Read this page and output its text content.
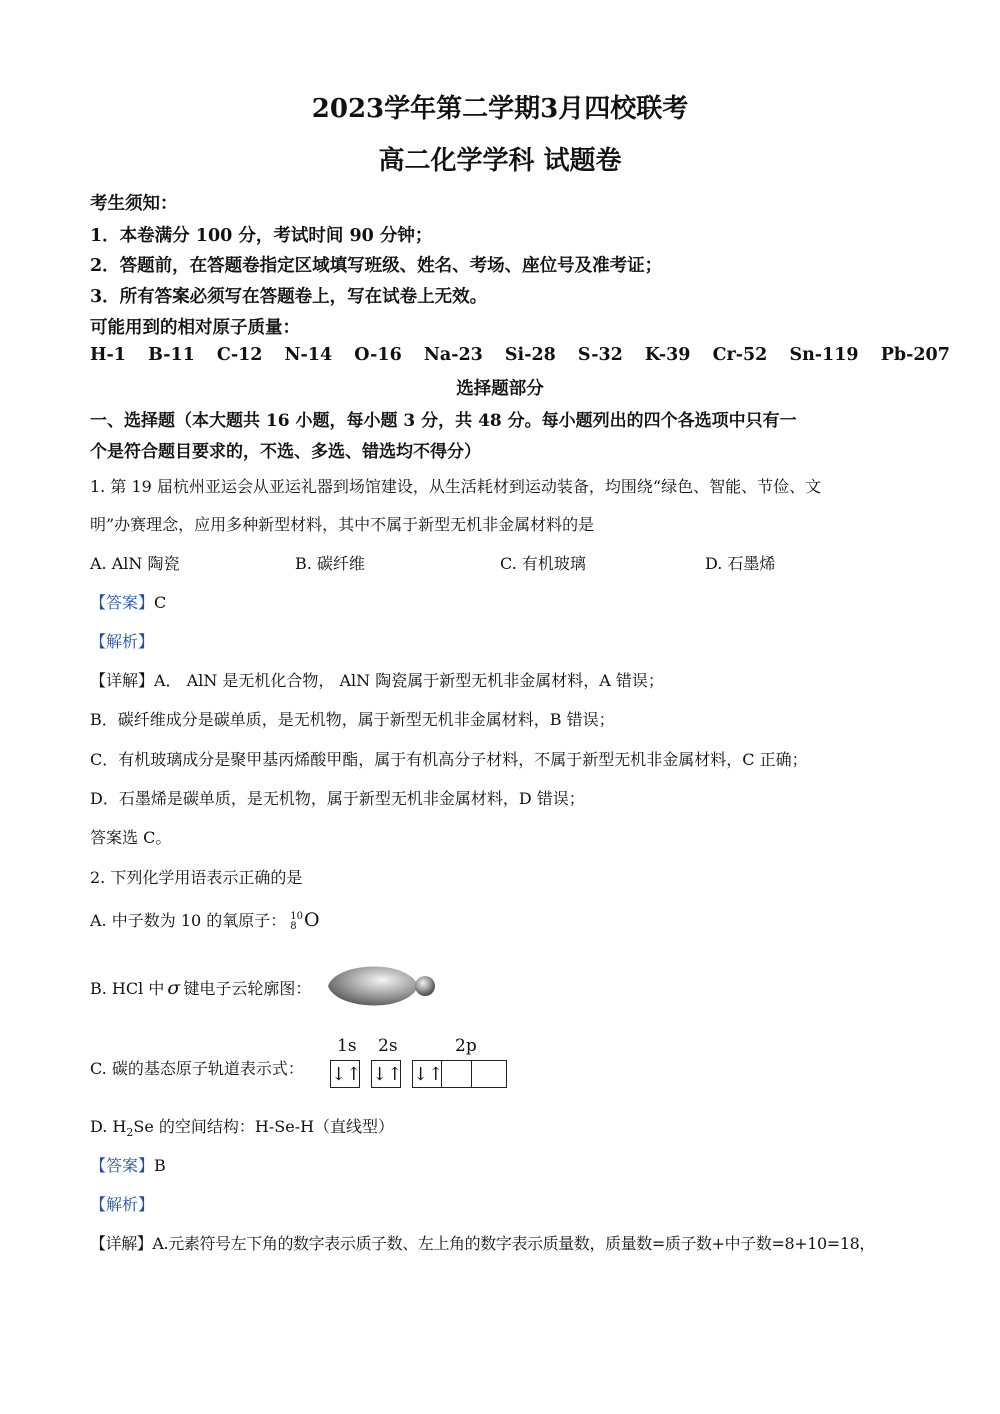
2023学年第二学期3月四校联考
高二化学学科 试题卷
考生须知：
1．本卷满分 100 分，考试时间 90 分钟；
2．答题前，在答题卷指定区域填写班级、姓名、考场、座位号及准考证；
3．所有答案必须写在答题卷上，写在试卷上无效。
可能用到的相对原子质量：
H-1 B-11 C-12 N-14 O-16 Na-23 Si-28 S-32 K-39 Cr-52 Sn-119 Pb-207
选择题部分
一、选择题（本大题共 16 小题，每小题 3 分，共 48 分。每小题列出的四个各选项中只有一
个是符合题目要求的，不选、多选、错选均不得分）
1. 第 19 届杭州亚运会从亚运礼器到场馆建设，从生活耗材到运动装备，均围绕“绿色、智能、节俭、文
明”办赛理念，应用多种新型材料，其中不属于新型无机非金属材料的是
A. AlN 陶瓷	B. 碳纤维	C. 有机玻璃	D. 石墨烯
【答案】C
【解析】
【详解】A． AlN 是无机化合物， AlN 陶瓷属于新型无机非金属材料，A 错误；
B．碳纤维成分是碳单质，是无机物，属于新型无机非金属材料，B 错误；
C．有机玻璃成分是聚甲基丙烯酸甲酯，属于有机高分子材料，不属于新型无机非金属材料，C 正确；
D．石墨烯是碳单质，是无机物，属于新型无机非金属材料，D 错误；
答案选 C。
2. 下列化学用语表示正确的是
A. 中子数为 10 的氧原子： 10
8 O
B. HCl 中 σ 键电子云轮廓图：
C. 碳的基态原子轨道表示式：
1s 2s	2p
↓↑ ↓↑ ↓↑
D. $H_2Se$ 的空间结构：H-Se-H（直线型）
【答案】B
【解析】
【详解】A.元素符号左下角的数字表示质子数、左上角的数字表示质量数，质量数=质子数+中子数=8+10=18，
